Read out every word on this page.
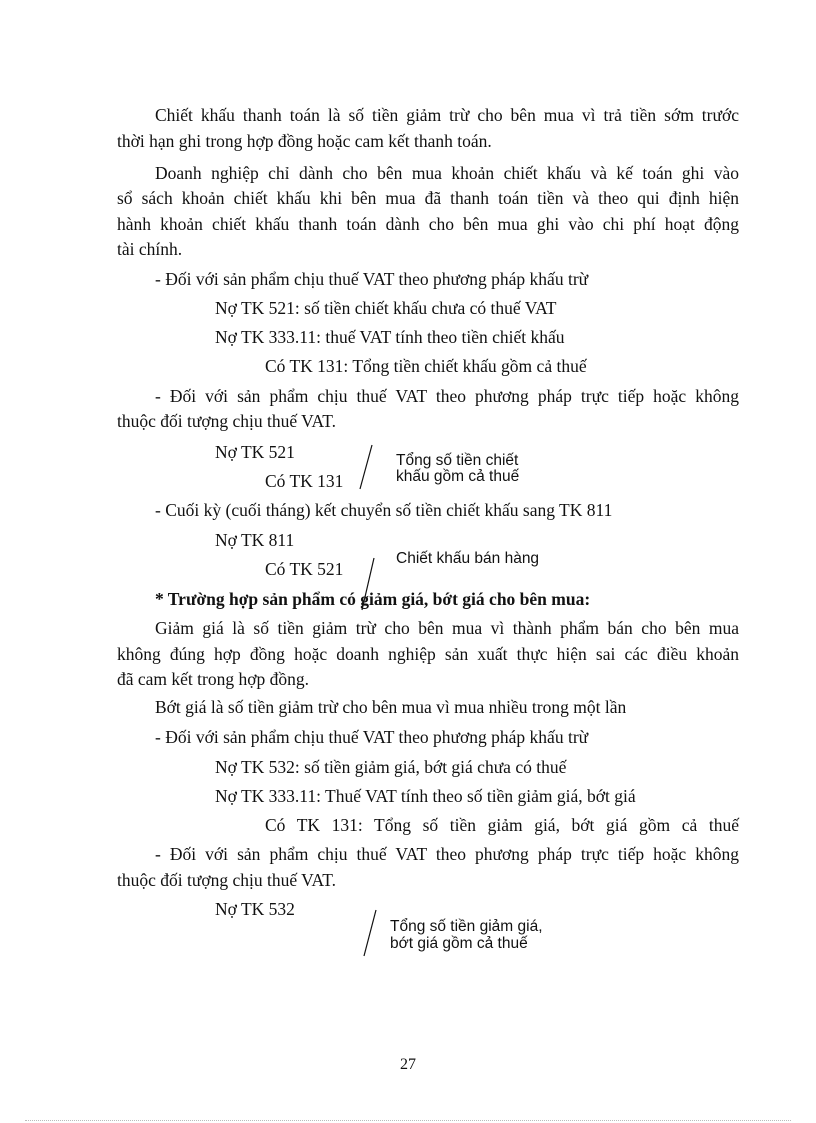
Chiết khấu thanh toán là số tiền giảm trừ cho bên mua vì trả tiền sớm trước
thời hạn ghi trong hợp đồng hoặc cam kết thanh toán.
Doanh nghiệp chỉ dành cho bên mua khoản chiết khấu và kế toán ghi vào
sổ sách khoản chiết khấu khi bên mua đã thanh toán tiền và theo qui định hiện
hành khoản chiết khấu thanh toán dành cho bên mua ghi vào chi phí hoạt động
tài chính.
- Đối với sản phẩm chịu thuế VAT theo phương pháp khấu trừ
Nợ TK 521: số tiền chiết khấu chưa có thuế VAT
Nợ TK 333.11: thuế VAT tính theo tiền chiết khấu
Có TK 131: Tổng tiền chiết khấu gồm cả thuế
- Đối với sản phẩm chịu thuế VAT theo phương pháp trực tiếp hoặc không
thuộc đối tượng chịu thuế VAT.
Nợ TK 521
Có TK 131
Tổng số tiền chiết
khấu gồm cả thuế
- Cuối kỳ (cuối tháng) kết chuyển số tiền chiết khấu sang TK 811
Nợ TK 811
Có TK 521
Chiết khấu bán hàng
* Trường hợp sản phẩm có giảm giá, bớt giá cho bên mua:
Giảm giá là số tiền giảm trừ cho bên mua vì thành phẩm bán cho bên mua
không đúng hợp đồng hoặc doanh nghiệp sản xuất thực hiện sai các điều khoản
đã cam kết trong hợp đồng.
Bớt giá là số tiền giảm trừ cho bên mua vì mua nhiều trong một lần
- Đối với sản phẩm chịu thuế VAT theo phương pháp khấu trừ
Nợ TK 532: số tiền giảm giá, bớt giá chưa có thuế
Nợ TK 333.11: Thuế VAT tính theo số tiền giảm giá, bớt giá
Có TK 131: Tổng số tiền giảm giá, bớt giá gồm cả thuế
- Đối với sản phẩm chịu thuế VAT theo phương pháp trực tiếp hoặc không
thuộc đối tượng chịu thuế VAT.
Nợ TK 532
Tổng số tiền giảm giá,
bớt giá gồm cả thuế
27
